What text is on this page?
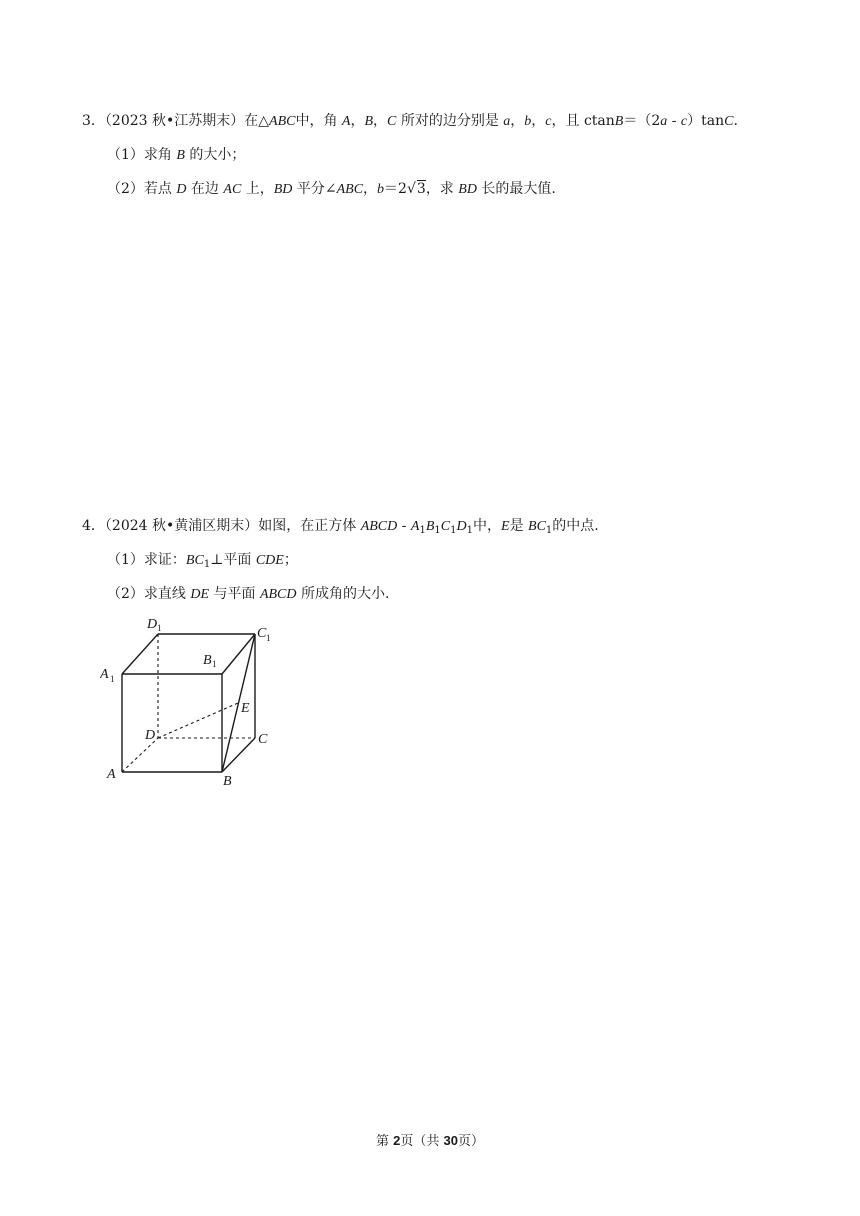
3．（2023 秋•江苏期末）在△ABC中，角 A，B，C 所对的边分别是 a，b，c，且 ctanB＝（2a - c）tanC.
（1）求角 B 的大小；
（2）若点 D 在边 AC 上，BD 平分∠ABC，b＝2√3，求 BD 长的最大值.
4．（2024 秋•黄浦区期末）如图，在正方体 ABCD - $A_1B_1C_1D_1$中，E是 $BC_1$的中点.
（1）求证：$BC_1\perp$平面 CDE；
（2）求直线 DE 与平面 ABCD 所成角的大小.
D 1	C 1
B 1
A 1
E
D	C
A	B
第 2页（共 30页）
